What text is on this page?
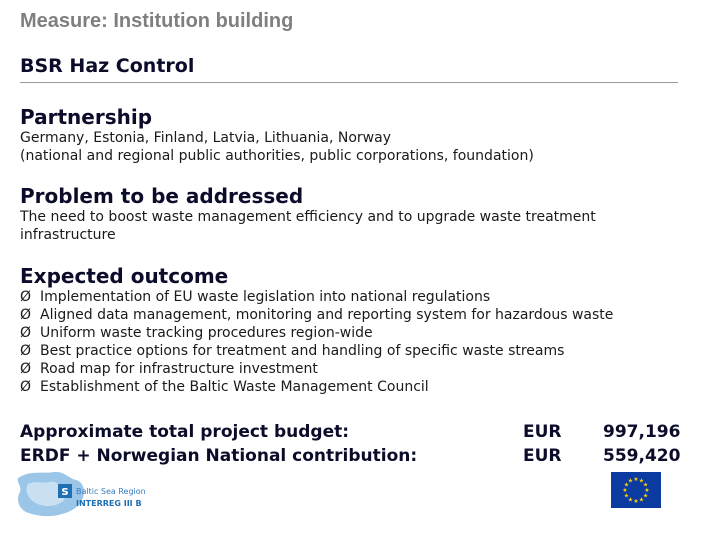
Measure: Institution building
BSR Haz Control
Partnership
Germany, Estonia, Finland, Latvia, Lithuania, Norway
(national and regional public authorities, public corporations, foundation)
Problem to be addressed
The need to boost waste management efficiency and to upgrade waste treatment
infrastructure
Expected outcome
Ø Implementation of EU waste legislation into national regulations
Ø Aligned data management, monitoring and reporting system for hazardous waste
Ø Uniform waste tracking procedures region-wide
Ø Best practice options for treatment and handling of specific waste streams
Ø Road map for infrastructure investment
Ø Establishment of the Baltic Waste Management Council
Approximate total project budget:
ERDF + Norwegian National contribution:
EUR
EUR
997,196
559,420
s Baltic Sea Region
INTERREG III B
★ ★
★
★
★
★
★
★
★
★
★
★
